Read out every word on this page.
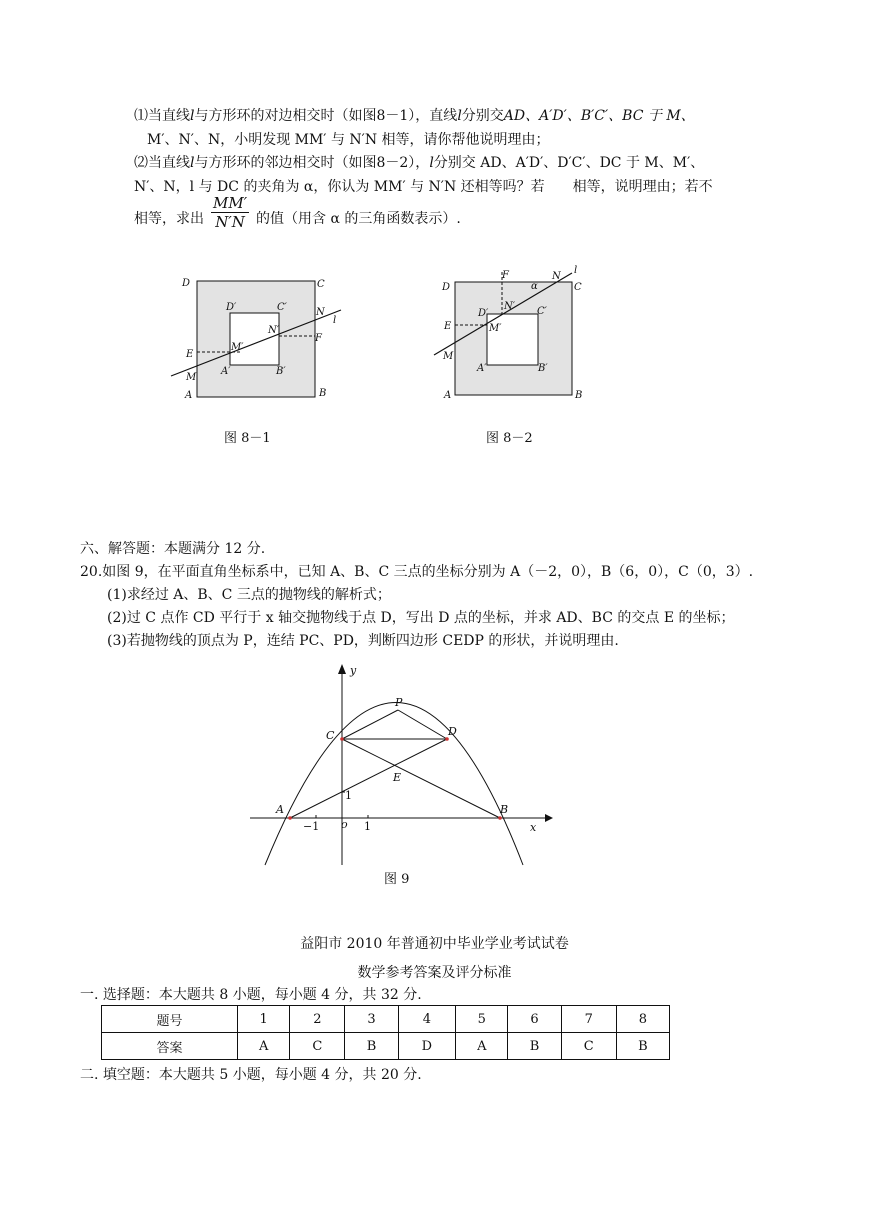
⑴当直线l与方形环的对边相交时（如图8－1），直线l分别交AD、A′D′、B′C′、BC 于 M、
M′、N′、N，小明发现 MM′ 与 N′N 相等，请你帮他说明理由；
⑵当直线l与方形环的邻边相交时（如图8－2），l分别交 AD、A′D′、D′C′、DC 于 M、M′、
N′、N，l 与 DC 的夹角为 α，你认为 MM′ 与 N′N 还相等吗？若　　相等，说明理由；若不
相等，求出 $\frac{MM'}{N'N}$ 的值（用含 α 的三角函数表示）.
D	C
A	B
D′	C′
A′	B′
N
N′
M
M′
E
F
l
图 8－1
D	C
A	B
D′	C′
A′	B′
N
N′
M
M′
E
F	l
α
图 8－2
六、解答题：本题满分 12 分.
20.如图 9，在平面直角坐标系中，已知 A、B、C 三点的坐标分别为 A（－2，0），B（6，0），C（0，3）.
(1)求经过 A、B、C 三点的抛物线的解析式；
(2)过 C 点作 CD 平行于 x 轴交抛物线于点 D，写出 D 点的坐标，并求 AD、BC 的交点 E 的坐标；
(3)若抛物线的顶点为 P，连结 PC、PD，判断四边形 CEDP 的形状，并说明理由.
y
x
o
P
C	D
E
A	B
1
−1	1
图 9
益阳市 2010 年普通初中毕业学业考试试卷
数学参考答案及评分标准
一. 选择题：本大题共 8 小题，每小题 4 分，共 32 分.
题号	1	2	3	4	5	6	7	8
答案	A	C	B	D	A	B	C	B
二. 填空题：本大题共 5 小题，每小题 4 分，共 20 分.
